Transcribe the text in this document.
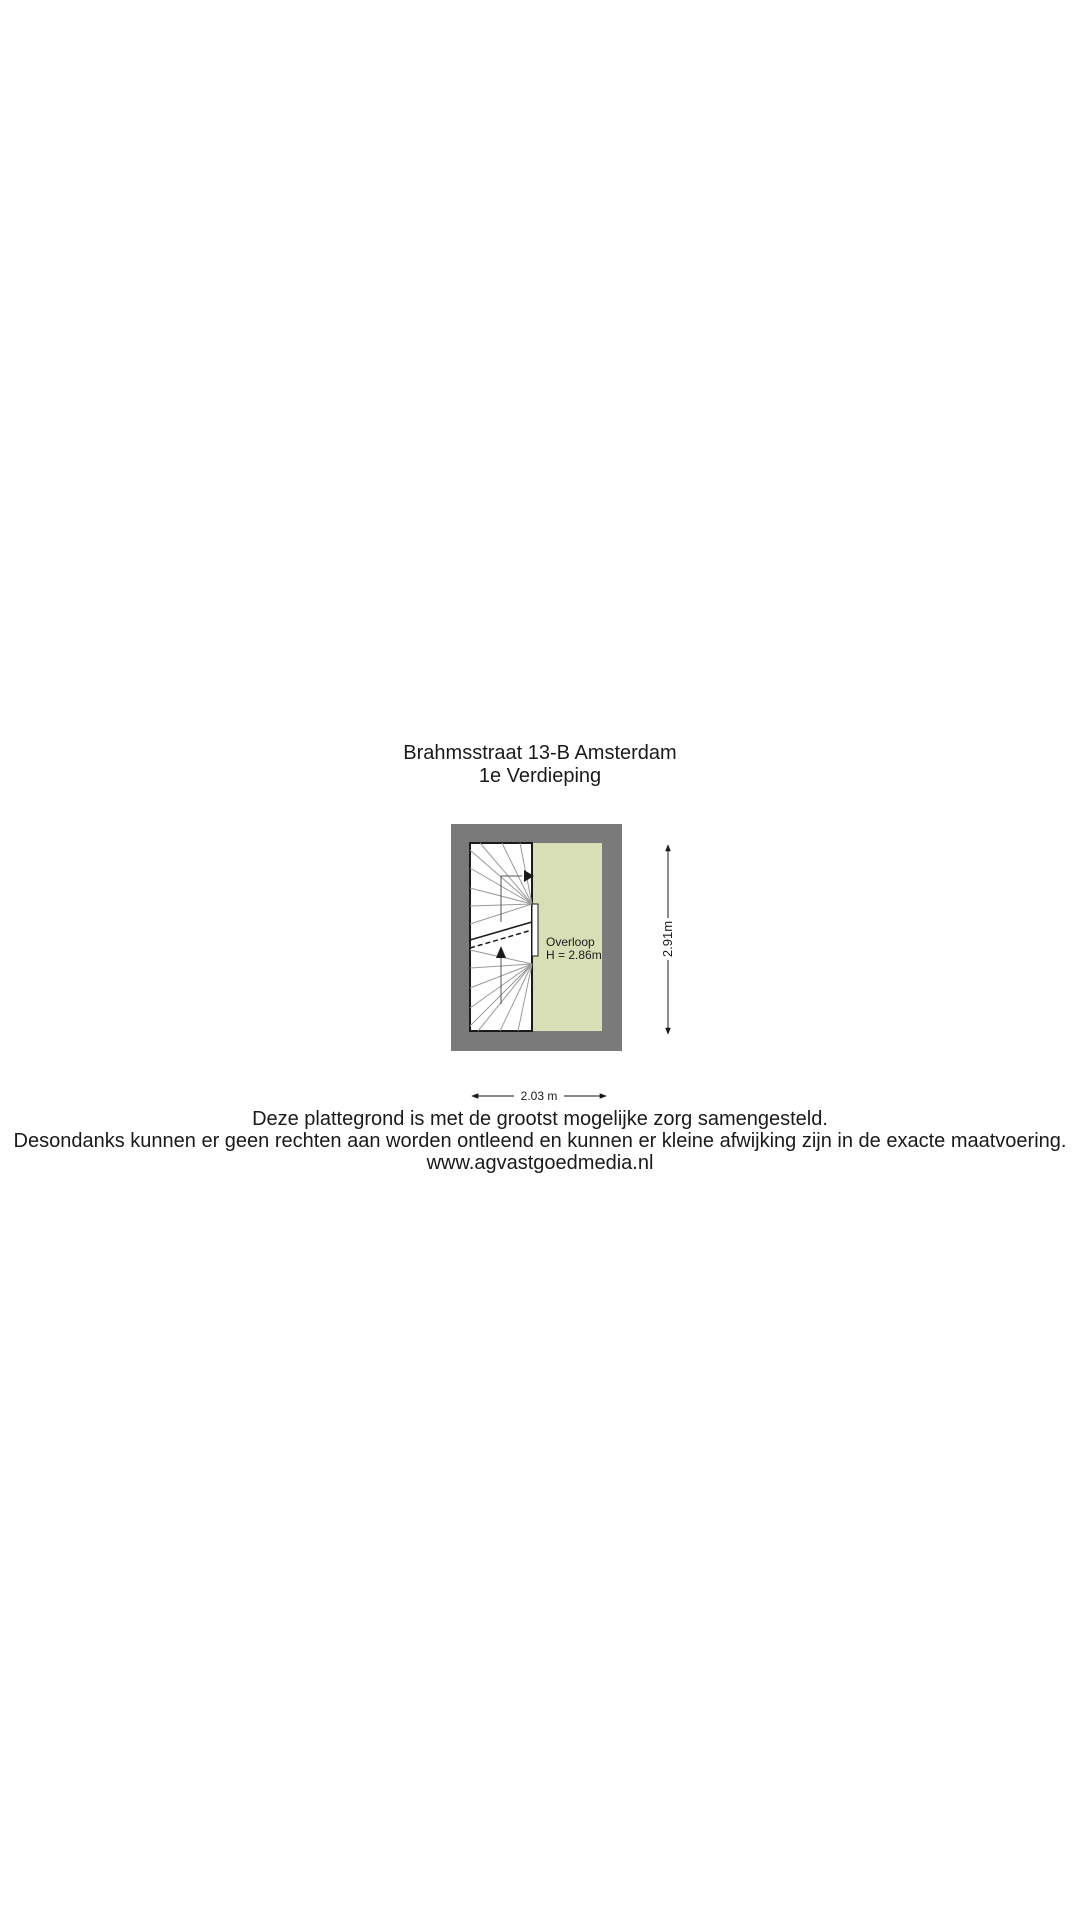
Brahmsstraat 13-B Amsterdam
1e Verdieping
Overloop
H = 2.86m	2.91m
2.03 m
Deze plattegrond is met de grootst mogelijke zorg samengesteld.
Desondanks kunnen er geen rechten aan worden ontleend en kunnen er kleine afwijking zijn in de exacte maatvoering.
www.agvastgoedmedia.nl
